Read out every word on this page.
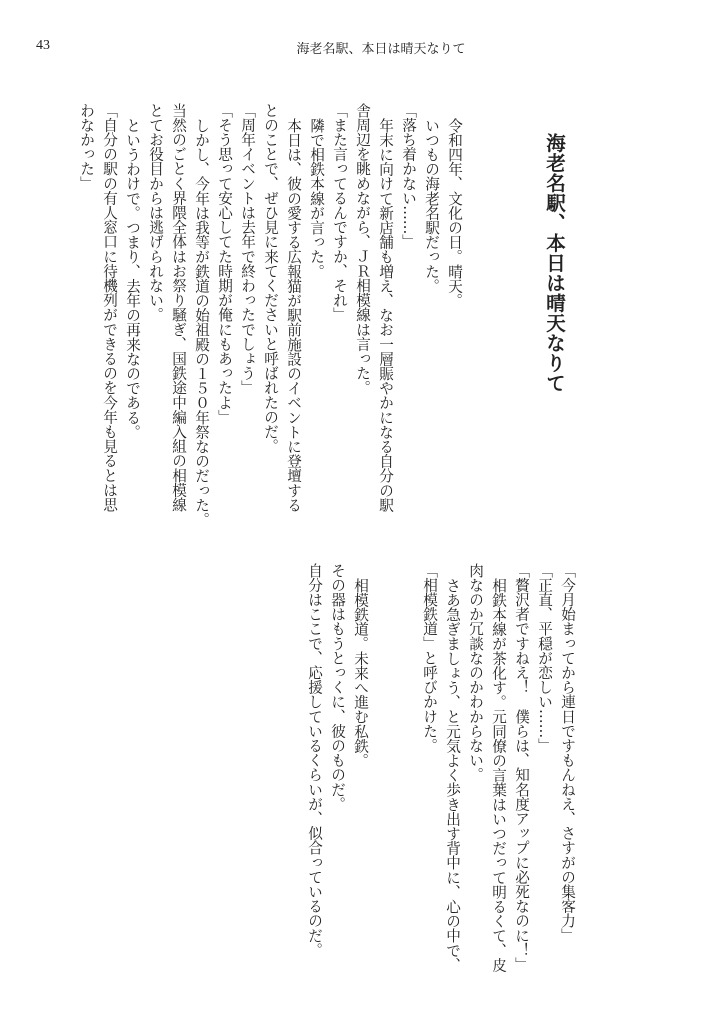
43	海老名駅、本日は晴天なりて
海老名駅、本日は晴天なりて
令和四年、文化の日。晴天。
いつもの海老名駅だった。
「落ち着かない……」
年末に向けて新店舗も増え、なお一層賑やかになる自分の駅
舎周辺を眺めながら、ＪＲ相模線は言った。
「また言ってるんですか、それ」
隣で相鉄本線が言った。
本日は、彼の愛する広報猫が駅前施設のイベントに登壇する
とのことで、ぜひ見に来てくださいと呼ばれたのだ。
「周年イベントは去年で終わったでしょう」
「そう思って安心してた時期が俺にもあったよ」
しかし、今年は我等が鉄道の始祖殿の１５０年祭なのだった。
当然のごとく界隈全体はお祭り騒ぎ、国鉄途中編入組の相模線
とてお役目からは逃げられない。
というわけで。つまり、去年の再来なのである。
「自分の駅の有人窓口に待機列ができるのを今年も見るとは思
わなかった」
「今月始まってから連日ですもんねえ、さすがの集客力」
「正直、平穏が恋しい……」
「贅沢者ですねえ！　僕らは、知名度アップに必死なのに！」
相鉄本線が茶化す。元同僚の言葉はいつだって明るくて、皮
肉なのか冗談なのかわからない。
さあ急ぎましょう、と元気よく歩き出す背中に、心の中で、
「相模鉄道」と呼びかけた。
相模鉄道。未来へ進む私鉄。
その器はもうとっくに、彼のものだ。
自分はここで、応援しているくらいが、似合っているのだ。
